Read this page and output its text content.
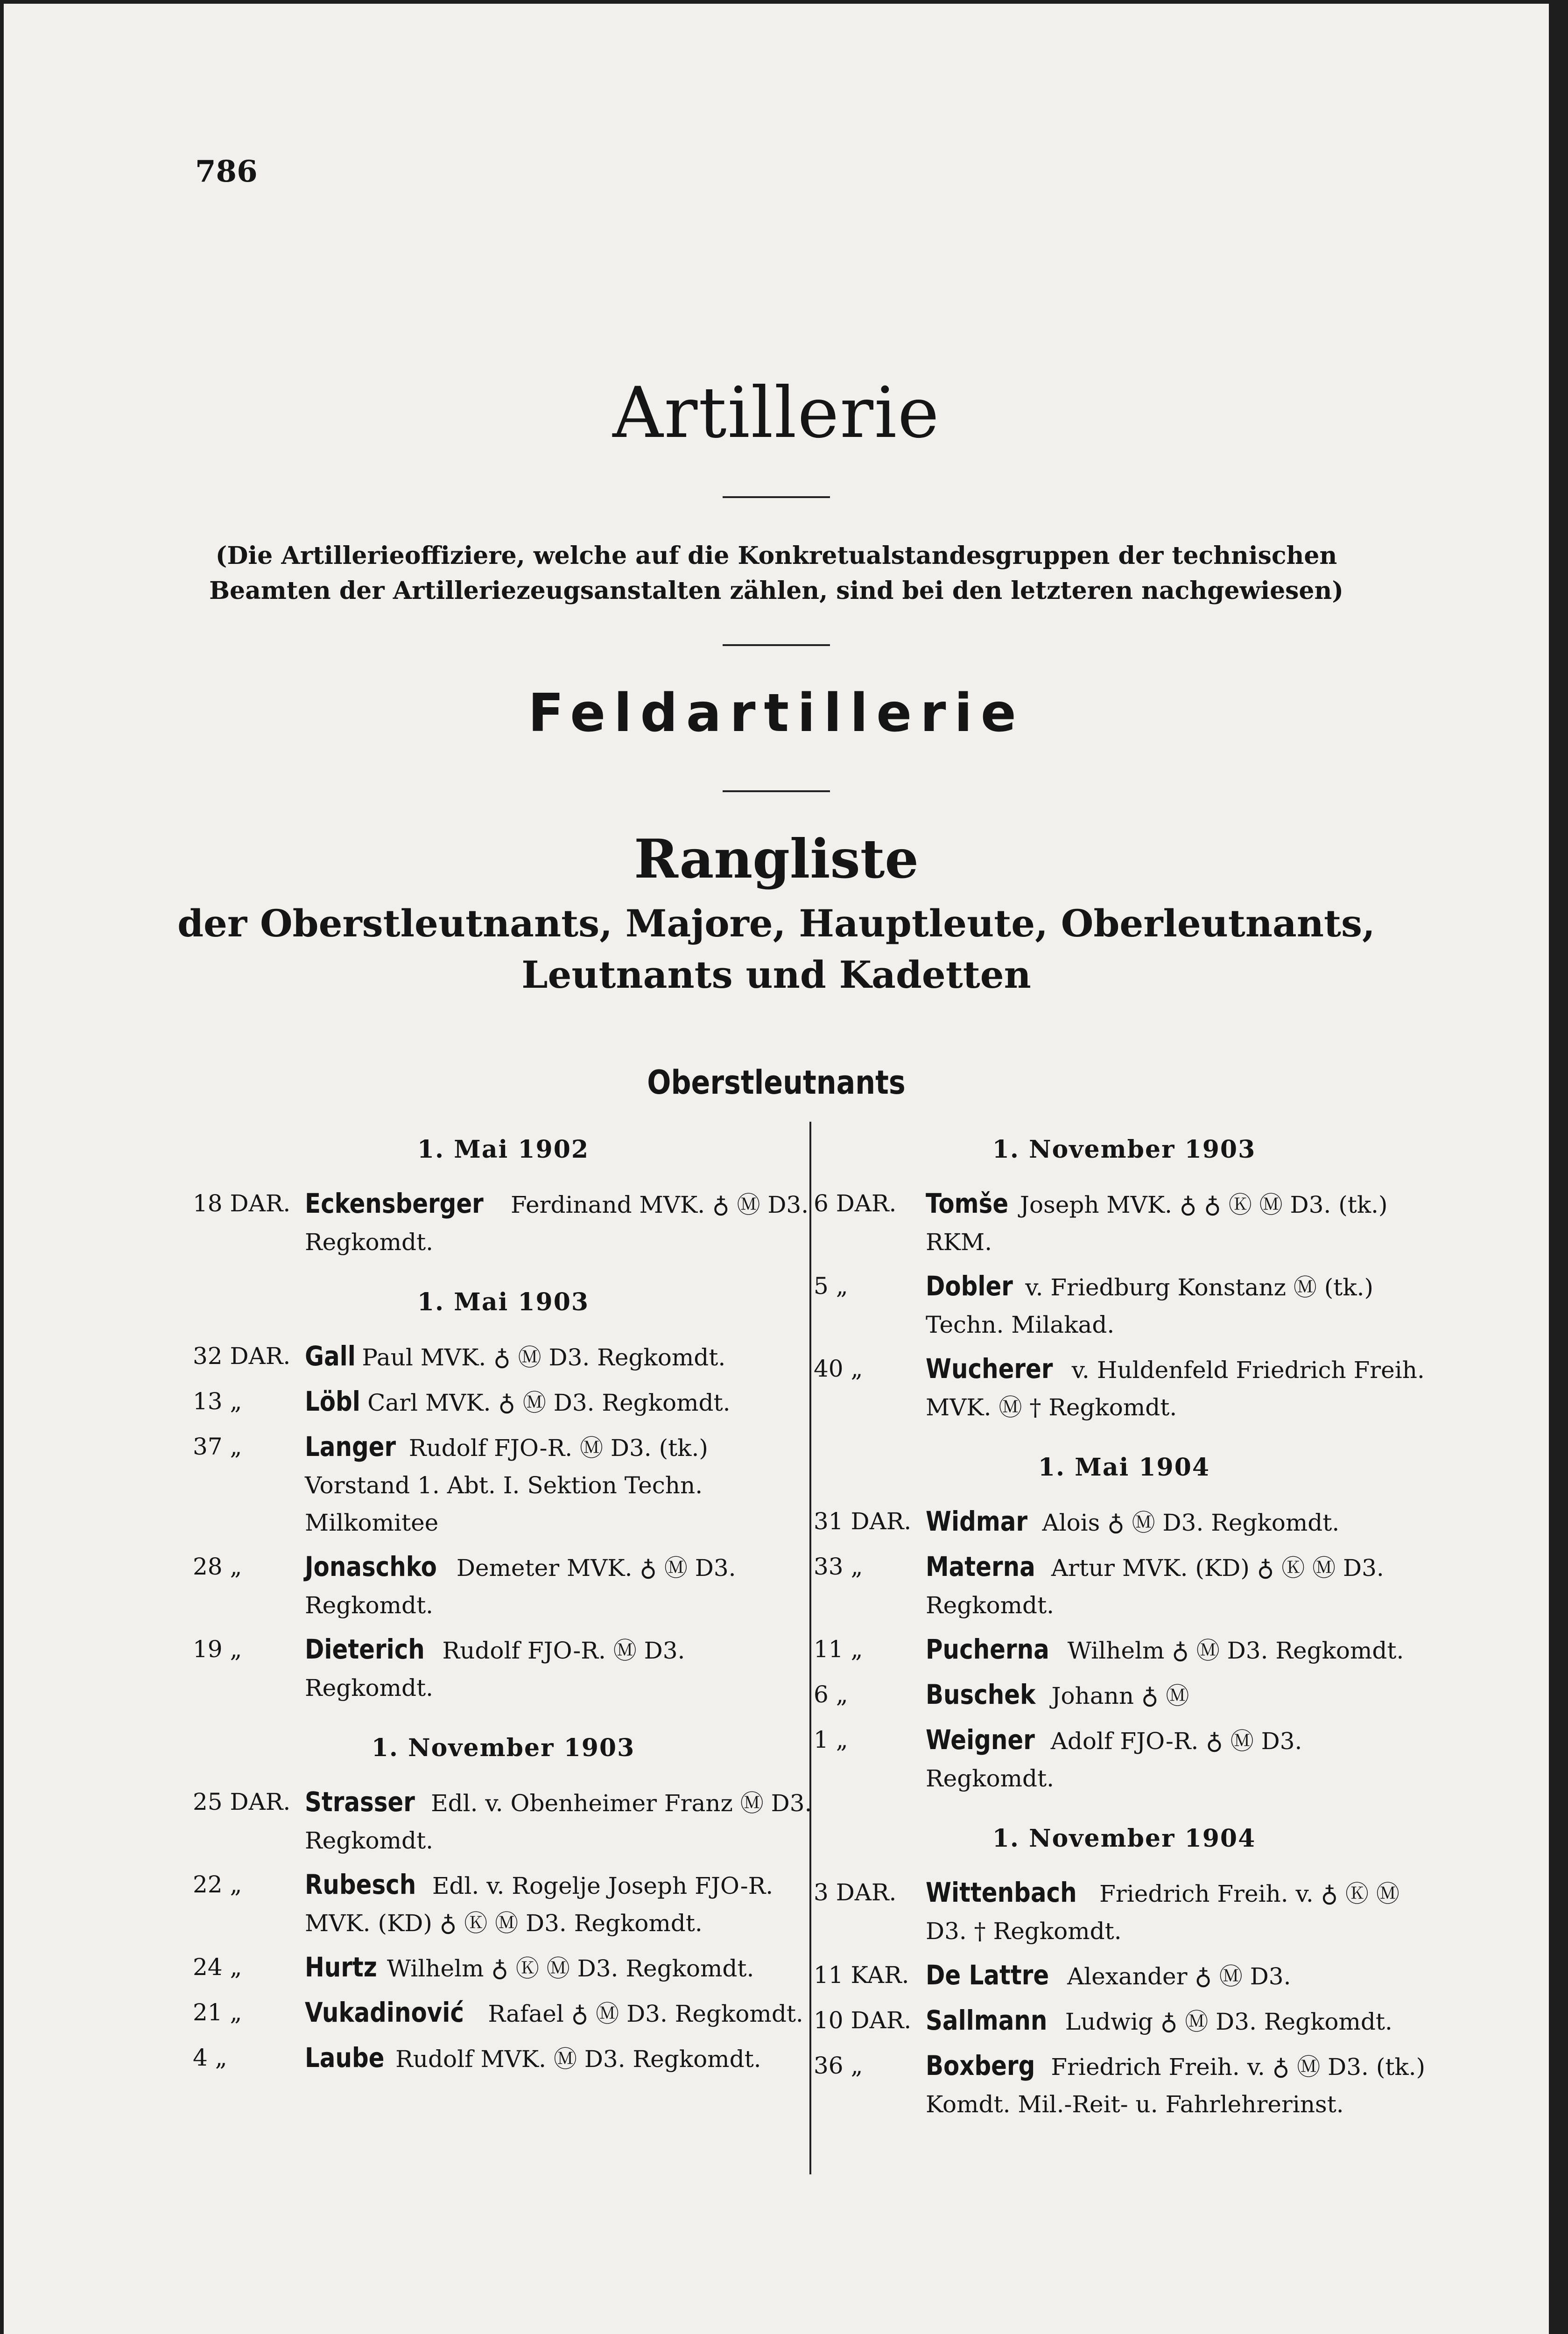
786
Artillerie
(Die Artillerieoffiziere, welche auf die Konkretualstandesgruppen der technischen Beamten der Artilleriezeugsanstalten zählen, sind bei den letzteren nachgewiesen)
Feldartillerie
Rangliste
der Oberstleutnants, Majore, Hauptleute, Oberleutnants,
Leutnants und Kadetten
Oberstleutnants
1. Mai 1902
18 DAR. Eckensberger Ferdinand MVK. ♁ Ⓜ D3. Regkomdt.
1. Mai 1903
32 DAR. Gall Paul MVK. ♁ Ⓜ D3. Regkomdt.
13 „	Löbl Carl MVK. ♁ Ⓜ D3. Regkomdt.
37 „	Langer Rudolf FJO-R. Ⓜ D3. (tk.) Vorstand 1. Abt. I. Sektion Techn. Milkomitee
28 „	Jonaschko Demeter MVK. ♁ Ⓜ D3. Regkomdt.
19 „	Dieterich Rudolf FJO-R. Ⓜ D3. Regkomdt.
1. November 1903
25 DAR. Strasser Edl. v. Obenheimer Franz Ⓜ D3. Regkomdt.
22 „	Rubesch Edl. v. Rogelje Joseph FJO-R. MVK. (KD) ♁ Ⓚ Ⓜ D3. Regkomdt.
24 „	Hurtz Wilhelm ♁ Ⓚ Ⓜ D3. Regkomdt.
21 „	Vukadinović Rafael ♁ Ⓜ D3. Regkomdt.
4 „	Laube Rudolf MVK. Ⓜ D3. Regkomdt.
1. November 1903
6 DAR.	Tomše Joseph MVK. ♁ ♁ Ⓚ Ⓜ D3. (tk.) RKM.
5 „	Dobler v. Friedburg Konstanz Ⓜ (tk.) Techn. Milakad.
40 „	Wucherer v. Huldenfeld Friedrich Freih. MVK. Ⓜ † Regkomdt.
1. Mai 1904
31 DAR. Widmar Alois ♁ Ⓜ D3. Regkomdt.
33 „	Materna Artur MVK. (KD) ♁ Ⓚ Ⓜ D3. Regkomdt.
11 „	Pucherna Wilhelm ♁ Ⓜ D3. Regkomdt.
6 „	Buschek Johann ♁ Ⓜ
1 „	Weigner Adolf FJO-R. ♁ Ⓜ D3. Regkomdt.
1. November 1904
3 DAR.	Wittenbach Friedrich Freih. v. ♁ Ⓚ Ⓜ D3. † Regkomdt.
11 KAR. De Lattre Alexander ♁ Ⓜ D3.
10 DAR. Sallmann Ludwig ♁ Ⓜ D3. Regkomdt.
36 „	Boxberg Friedrich Freih. v. ♁ Ⓜ D3. (tk.) Komdt. Mil.-Reit- u. Fahrlehrerinst.
